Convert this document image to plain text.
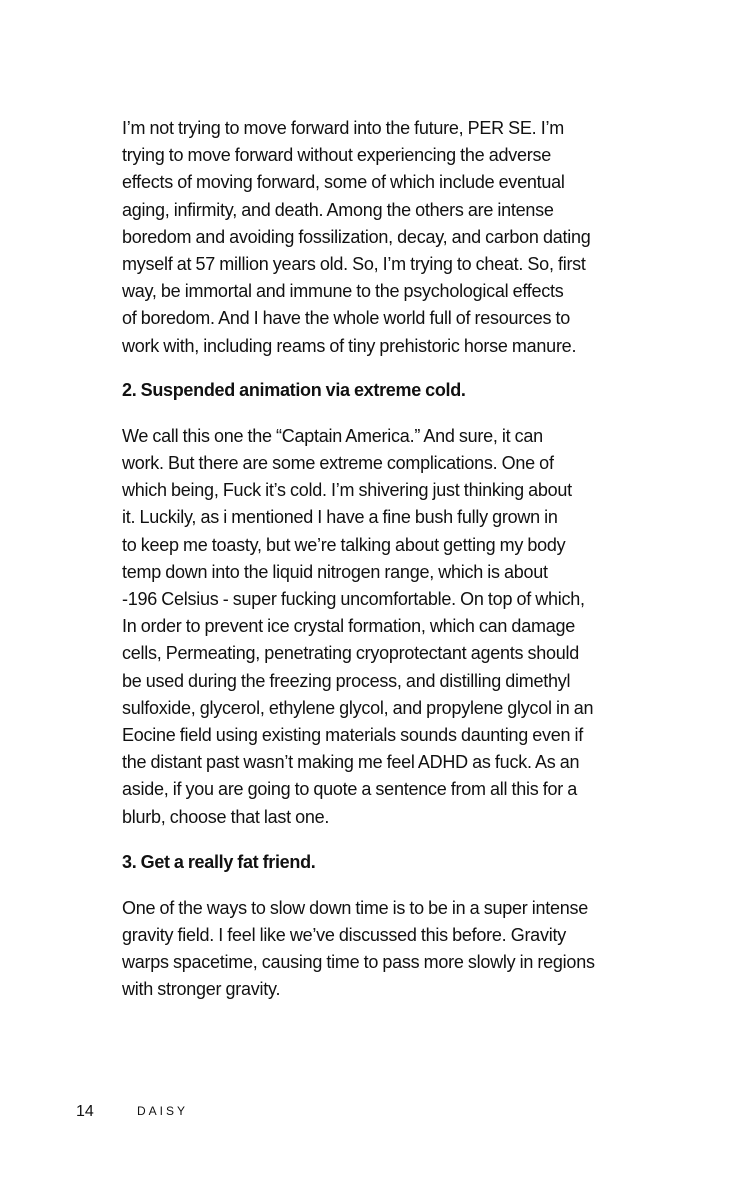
I’m not trying to move forward into the future, PER SE. I’m
trying to move forward without experiencing the adverse
effects of moving forward, some of which include eventual
aging, infirmity, and death. Among the others are intense
boredom and avoiding fossilization, decay, and carbon dating
myself at 57 million years old. So, I’m trying to cheat. So, first
way, be immortal and immune to the psychological effects
of boredom. And I have the whole world full of resources to
work with, including reams of tiny prehistoric horse manure.

2. Suspended animation via extreme cold.

We call this one the “Captain America.” And sure, it can
work. But there are some extreme complications. One of
which being, Fuck it’s cold. I’m shivering just thinking about
it. Luckily, as i mentioned I have a fine bush fully grown in
to keep me toasty, but we’re talking about getting my body
temp down into the liquid nitrogen range, which is about
-196 Celsius - super fucking uncomfortable. On top of which,
In order to prevent ice crystal formation, which can damage
cells, Permeating, penetrating cryoprotectant agents should
be used during the freezing process, and distilling dimethyl
sulfoxide, glycerol, ethylene glycol, and propylene glycol in an
Eocine field using existing materials sounds daunting even if
the distant past wasn’t making me feel ADHD as fuck. As an
aside, if you are going to quote a sentence from all this for a
blurb, choose that last one.

3. Get a really fat friend.

One of the ways to slow down time is to be in a super intense
gravity field. I feel like we’ve discussed this before. Gravity
warps spacetime, causing time to pass more slowly in regions
with stronger gravity.

14	DAISY
